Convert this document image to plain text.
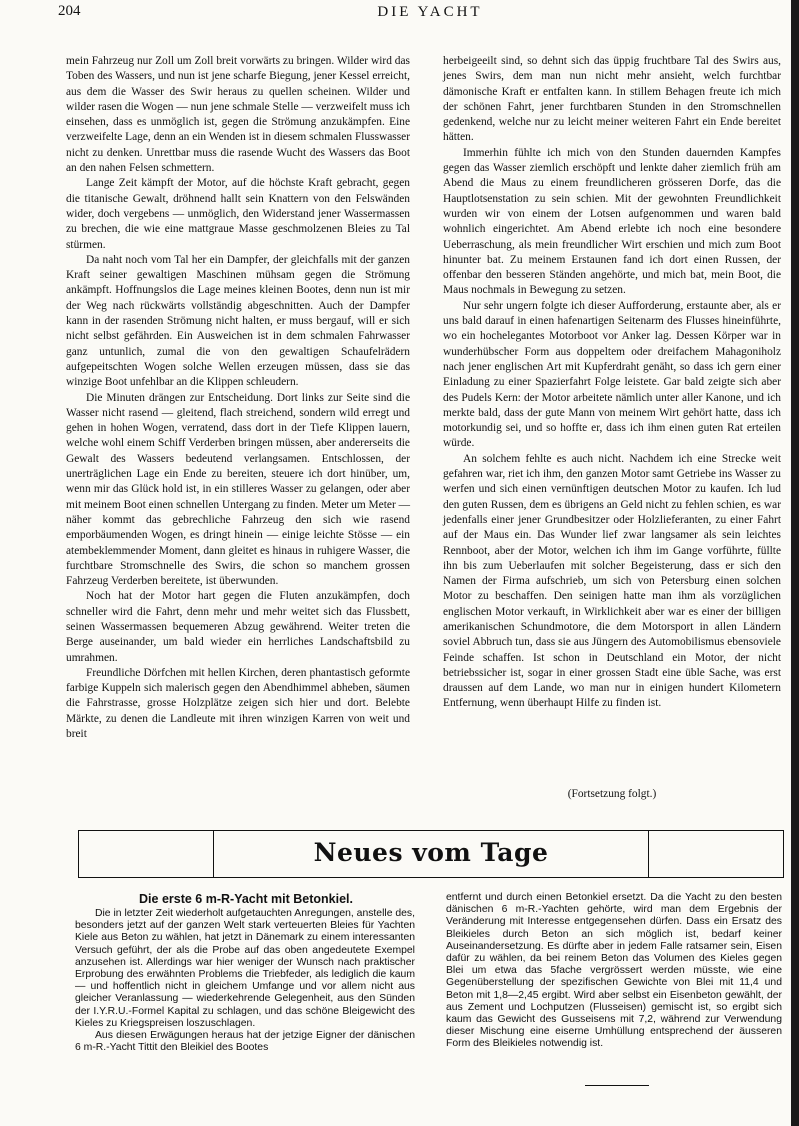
204	DIE YACHT

mein Fahrzeug nur Zoll um Zoll breit vorwärts zu bringen. Wilder wird das Toben des Wassers, und nun ist jene scharfe Biegung, jener Kessel erreicht, aus dem die Wasser des Swir heraus zu quellen scheinen. Wilder und wilder rasen die Wogen — nun jene schmale Stelle — verzweifelt muss ich einsehen, dass es unmöglich ist, gegen die Strömung anzukämpfen. Eine verzweifelte Lage, denn an ein Wenden ist in diesem schmalen Flusswasser nicht zu denken. Unrettbar muss die rasende Wucht des Wassers das Boot an den nahen Felsen schmettern.

Lange Zeit kämpft der Motor, auf die höchste Kraft gebracht, gegen die titanische Gewalt, dröhnend hallt sein Knattern von den Felswänden wider, doch vergebens — unmöglich, den Widerstand jener Wassermassen zu brechen, die wie eine mattgraue Masse geschmolzenen Bleies zu Tal stürmen.

Da naht noch vom Tal her ein Dampfer, der gleichfalls mit der ganzen Kraft seiner gewaltigen Maschinen mühsam gegen die Strömung ankämpft. Hoffnungslos die Lage meines kleinen Bootes, denn nun ist mir der Weg nach rückwärts vollständig abgeschnitten. Auch der Dampfer kann in der rasenden Strömung nicht halten, er muss bergauf, will er sich nicht selbst gefährden. Ein Ausweichen ist in dem schmalen Fahrwasser ganz untunlich, zumal die von den gewaltigen Schaufelrädern aufgepeitschten Wogen solche Wellen erzeugen müssen, dass sie das winzige Boot unfehlbar an die Klippen schleudern.

Die Minuten drängen zur Entscheidung. Dort links zur Seite sind die Wasser nicht rasend — gleitend, flach streichend, sondern wild erregt und gehen in hohen Wogen, verratend, dass dort in der Tiefe Klippen lauern, welche wohl einem Schiff Verderben bringen müssen, aber andererseits die Gewalt des Wassers bedeutend verlangsamen. Entschlossen, der unerträglichen Lage ein Ende zu bereiten, steuere ich dort hinüber, um, wenn mir das Glück hold ist, in ein stilleres Wasser zu gelangen, oder aber mit meinem Boot einen schnellen Untergang zu finden. Meter um Meter — näher kommt das gebrechliche Fahrzeug den sich wie rasend emporbäumenden Wogen, es dringt hinein — einige leichte Stösse — ein atembeklemmender Moment, dann gleitet es hinaus in ruhigere Wasser, die furchtbare Stromschnelle des Swirs, die schon so manchem grossen Fahrzeug Verderben bereitete, ist überwunden.

Noch hat der Motor hart gegen die Fluten anzukämpfen, doch schneller wird die Fahrt, denn mehr und mehr weitet sich das Flussbett, seinen Wassermassen bequemeren Abzug gewährend. Weiter treten die Berge auseinander, um bald wieder ein herrliches Landschaftsbild zu umrahmen.

Freundliche Dörfchen mit hellen Kirchen, deren phantastisch geformte farbige Kuppeln sich malerisch gegen den Abendhimmel abheben, säumen die Fahrstrasse, grosse Holzplätze zeigen sich hier und dort. Belebte Märkte, zu denen die Landleute mit ihren winzigen Karren von weit und breit

herbeigeeilt sind, so dehnt sich das üppig fruchtbare Tal des Swirs aus, jenes Swirs, dem man nun nicht mehr ansieht, welch furchtbar dämonische Kraft er entfalten kann. In stillem Behagen freute ich mich der schönen Fahrt, jener furchtbaren Stunden in den Stromschnellen gedenkend, welche nur zu leicht meiner weiteren Fahrt ein Ende bereitet hätten.

Immerhin fühlte ich mich von den Stunden dauernden Kampfes gegen das Wasser ziemlich erschöpft und lenkte daher ziemlich früh am Abend die Maus zu einem freundlicheren grösseren Dorfe, das die Hauptlotsenstation zu sein schien. Mit der gewohnten Freundlichkeit wurden wir von einem der Lotsen aufgenommen und waren bald wohnlich eingerichtet. Am Abend erlebte ich noch eine besondere Ueberraschung, als mein freundlicher Wirt erschien und mich zum Boot hinunter bat. Zu meinem Erstaunen fand ich dort einen Russen, der offenbar den besseren Ständen angehörte, und mich bat, mein Boot, die Maus nochmals in Bewegung zu setzen.

Nur sehr ungern folgte ich dieser Aufforderung, erstaunte aber, als er uns bald darauf in einen hafenartigen Seitenarm des Flusses hineinführte, wo ein hochelegantes Motorboot vor Anker lag. Dessen Körper war in wunderhübscher Form aus doppeltem oder dreifachem Mahagoniholz nach jener englischen Art mit Kupferdraht genäht, so dass ich gern einer Einladung zu einer Spazierfahrt Folge leistete. Gar bald zeigte sich aber des Pudels Kern: der Motor arbeitete nämlich unter aller Kanone, und ich merkte bald, dass der gute Mann von meinem Wirt gehört hatte, dass ich motorkundig sei, und so hoffte er, dass ich ihm einen guten Rat erteilen würde.

An solchem fehlte es auch nicht. Nachdem ich eine Strecke weit gefahren war, riet ich ihm, den ganzen Motor samt Getriebe ins Wasser zu werfen und sich einen vernünftigen deutschen Motor zu kaufen. Ich lud den guten Russen, dem es übrigens an Geld nicht zu fehlen schien, es war jedenfalls einer jener Grundbesitzer oder Holzlieferanten, zu einer Fahrt auf der Maus ein. Das Wunder lief zwar langsamer als sein leichtes Rennboot, aber der Motor, welchen ich ihm im Gange vorführte, füllte ihn bis zum Ueberlaufen mit solcher Begeisterung, dass er sich den Namen der Firma aufschrieb, um sich von Petersburg einen solchen Motor zu beschaffen. Den seinigen hatte man ihm als vorzüglichen englischen Motor verkauft, in Wirklichkeit aber war es einer der billigen amerikanischen Schundmotore, die dem Motorsport in allen Ländern soviel Abbruch tun, dass sie aus Jüngern des Automobilismus ebensoviele Feinde schaffen. Ist schon in Deutschland ein Motor, der nicht betriebssicher ist, sogar in einer grossen Stadt eine üble Sache, was erst draussen auf dem Lande, wo man nur in einigen hundert Kilometern Entfernung, wenn überhaupt Hilfe zu finden ist.

(Fortsetzung folgt.)
Neues vom Tage
Die erste 6 m-R-Yacht mit Betonkiel.

Die in letzter Zeit wiederholt aufgetauchten Anregungen, anstelle des, besonders jetzt auf der ganzen Welt stark verteuerten Bleies für Yachten Kiele aus Beton zu wählen, hat jetzt in Dänemark zu einem interessanten Versuch geführt, der als die Probe auf das oben angedeutete Exempel anzusehen ist. Allerdings war hier weniger der Wunsch nach praktischer Erprobung des erwähnten Problems die Triebfeder, als lediglich die kaum — und hoffentlich nicht in gleichem Umfange und vor allem nicht aus gleicher Veranlassung — wiederkehrende Gelegenheit, aus den Sünden der I.Y.R.U.-Formel Kapital zu schlagen, und das schöne Bleigewicht des Kieles zu Kriegspreisen loszuschlagen.

Aus diesen Erwägungen heraus hat der jetzige Eigner der dänischen 6 m-R.-Yacht Tittit den Bleikiel des Bootes

entfernt und durch einen Betonkiel ersetzt. Da die Yacht zu den besten dänischen 6 m-R.-Yachten gehörte, wird man dem Ergebnis der Veränderung mit Interesse entgegensehen dürfen. Dass ein Ersatz des Bleikieles durch Beton an sich möglich ist, bedarf keiner Auseinandersetzung. Es dürfte aber in jedem Falle ratsamer sein, Eisen dafür zu wählen, da bei reinem Beton das Volumen des Kieles gegen Blei um etwa das 5fache vergrössert werden müsste, wie eine Gegenüberstellung der spezifischen Gewichte von Blei mit 11,4 und Beton mit 1,8—2,45 ergibt. Wird aber selbst ein Eisenbeton gewählt, der aus Zement und Lochputzen (Flusseisen) gemischt ist, so ergibt sich kaum das Gewicht des Gusseisens mit 7,2, während zur Verwendung dieser Mischung eine eiserne Umhüllung entsprechend der äusseren Form des Bleikieles notwendig ist.
